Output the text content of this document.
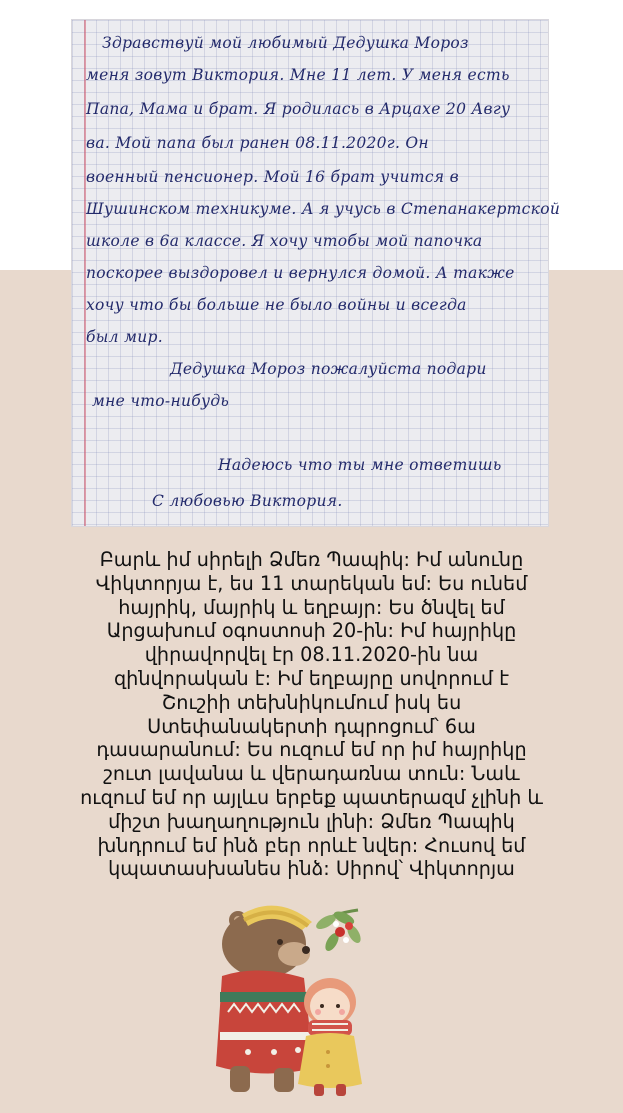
Здравствуй мой любимый Дедушка Мороз
меня зовут Виктория. Мне 11 лет. У меня есть
Папа, Мама и брат. Я родилась в Арцахе 20 Авгу
ва. Мой папа был ранен 08.11.2020г. Он
военный пенсионер. Мой 16 брат учится в
Шушинском техникуме. А я учусь в Степанакертской
школе в 6а классе. Я хочу чтобы мой папочка
поскорее выздоровел и вернулся домой. А также
хочу что бы больше не было войны и всегда
был мир.
Дедушка Мороз пожалуйста подари
мне что-нибудь
Надеюсь что ты мне ответишь
С любовью Виктория.

Բարև իմ սիրելի Ձմեռ Պապիկ: Իմ անունը Վիկտորյա է, ես 11 տարեկան եմ: Ես ունեմ հայրիկ, մայրիկ և եղբայր: Ես ծնվել եմ Արցախում օգոստոսի 20-ին: Իմ հայրիկը վիրավորվել էր 08.11.2020-ին նա զինվորական է: Իմ եղբայրը սովորում է Շուշիի տեխնիկումում իսկ ես Ստեփանակերտի դպրոցում՝ 6ա դասարանում: Ես ուզում եմ որ իմ հայրիկը շուտ լավանա և վերադառնա տուն: Նաև ուզում եմ որ այլևս երբեք պատերազմ չլինի և միշտ խաղաղություն լինի: Ձմեռ Պապիկ խնդրում եմ ինձ բեր որևէ նվեր: Հուսով եմ կպատասխանես ինձ: Սիրով՝ Վիկտորյա
